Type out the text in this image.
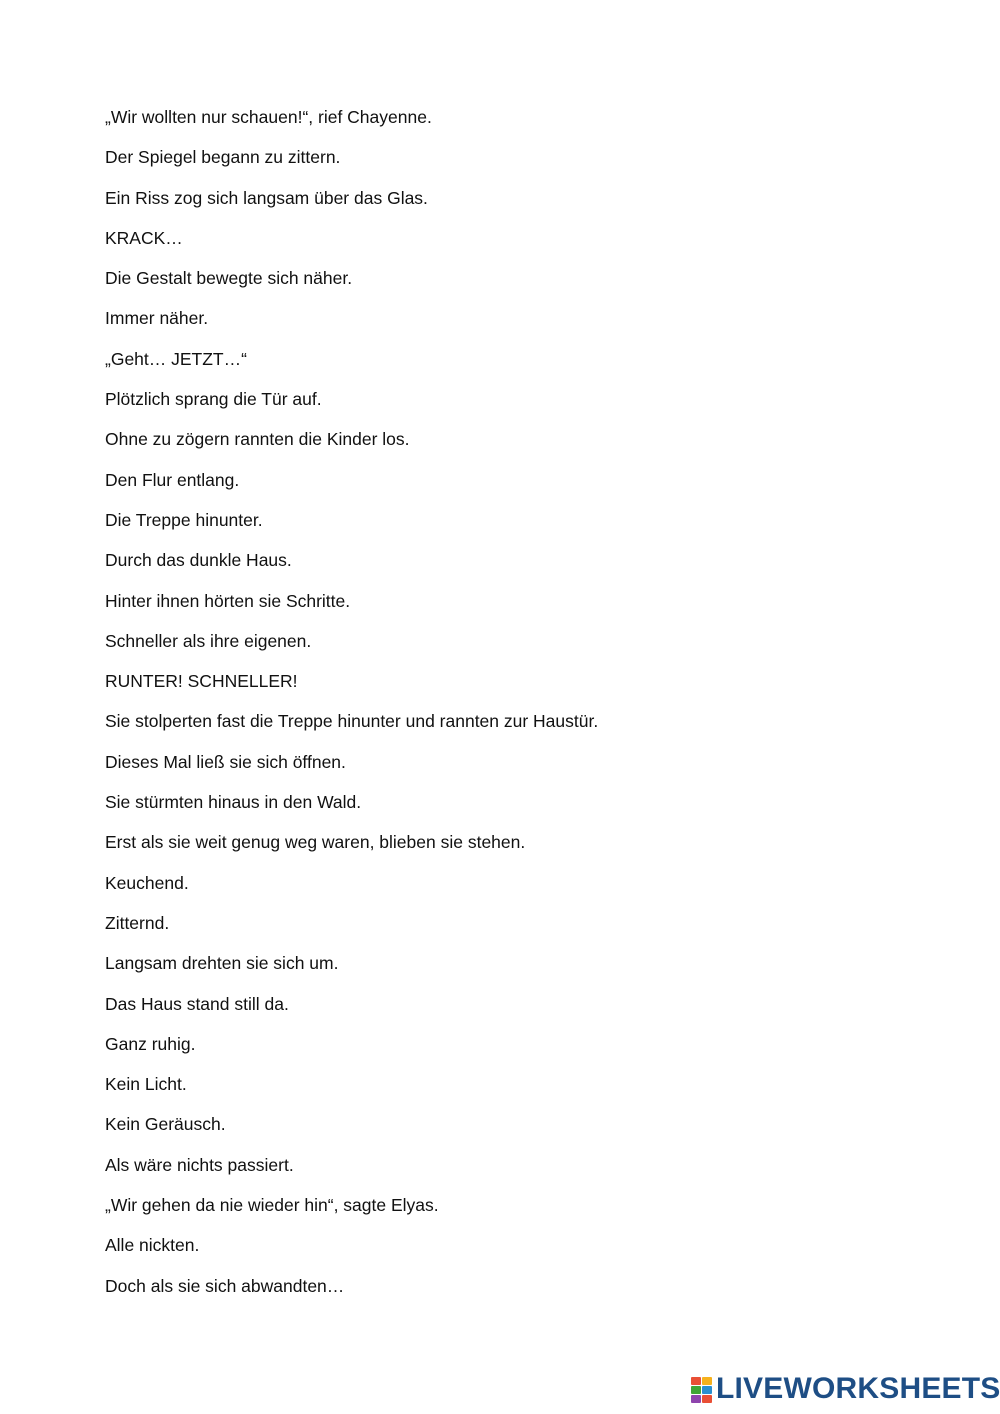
„Wir wollten nur schauen!“, rief Chayenne.
Der Spiegel begann zu zittern.
Ein Riss zog sich langsam über das Glas.
KRACK…
Die Gestalt bewegte sich näher.
Immer näher.
„Geht… JETZT…“
Plötzlich sprang die Tür auf.
Ohne zu zögern rannten die Kinder los.
Den Flur entlang.
Die Treppe hinunter.
Durch das dunkle Haus.
Hinter ihnen hörten sie Schritte.
Schneller als ihre eigenen.
RUNTER! SCHNELLER!
Sie stolperten fast die Treppe hinunter und rannten zur Haustür.
Dieses Mal ließ sie sich öffnen.
Sie stürmten hinaus in den Wald.
Erst als sie weit genug weg waren, blieben sie stehen.
Keuchend.
Zitternd.
Langsam drehten sie sich um.
Das Haus stand still da.
Ganz ruhig.
Kein Licht.
Kein Geräusch.
Als wäre nichts passiert.
„Wir gehen da nie wieder hin“, sagte Elyas.
Alle nickten.
Doch als sie sich abwandten…
LIVEWORKSHEETS
